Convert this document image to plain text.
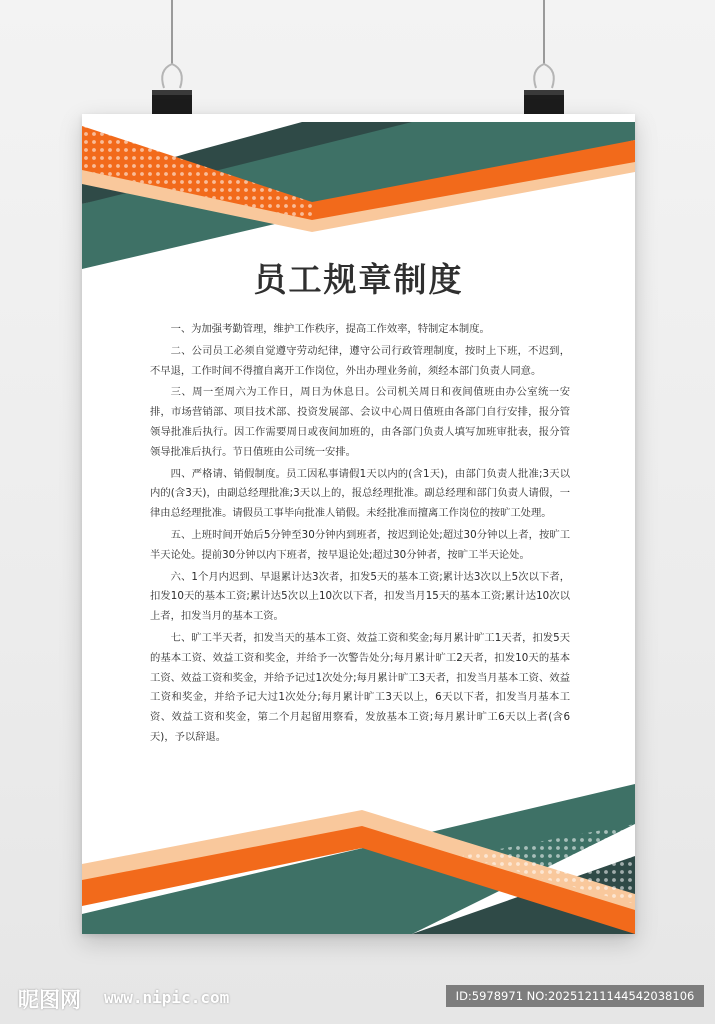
员工规章制度

一、为加强考勤管理，维护工作秩序，提高工作效率，特制定本制度。

二、公司员工必须自觉遵守劳动纪律，遵守公司行政管理制度，按时上下班，不迟到，不早退，工作时间不得擅自离开工作岗位，外出办理业务前，须经本部门负责人同意。

三、周一至周六为工作日，周日为休息日。公司机关周日和夜间值班由办公室统一安排，市场营销部、项目技术部、投资发展部、会议中心周日值班由各部门自行安排，报分管领导批准后执行。因工作需要周日或夜间加班的，由各部门负责人填写加班审批表，报分管领导批准后执行。节日值班由公司统一安排。

四、严格请、销假制度。员工因私事请假1天以内的(含1天)，由部门负责人批准;3天以内的(含3天)，由副总经理批准;3天以上的，报总经理批准。副总经理和部门负责人请假，一律由总经理批准。请假员工事毕向批准人销假。未经批准而擅离工作岗位的按旷工处理。

五、上班时间开始后5分钟至30分钟内到班者，按迟到论处;超过30分钟以上者，按旷工半天论处。提前30分钟以内下班者，按早退论处;超过30分钟者，按旷工半天论处。

六、1个月内迟到、早退累计达3次者，扣发5天的基本工资;累计达3次以上5次以下者，扣发10天的基本工资;累计达5次以上10次以下者，扣发当月15天的基本工资;累计达10次以上者，扣发当月的基本工资。

七、旷工半天者，扣发当天的基本工资、效益工资和奖金;每月累计旷工1天者，扣发5天的基本工资、效益工资和奖金，并给予一次警告处分;每月累计旷工2天者，扣发10天的基本工资、效益工资和奖金，并给予记过1次处分;每月累计旷工3天者，扣发当月基本工资、效益工资和奖金，并给予记大过1次处分;每月累计旷工3天以上，6天以下者，扣发当月基本工资、效益工资和奖金，第二个月起留用察看，发放基本工资;每月累计旷工6天以上者(含6天)，予以辞退。

昵图网 www.nipic.com	ID:5978971 NO:20251211144542038106
